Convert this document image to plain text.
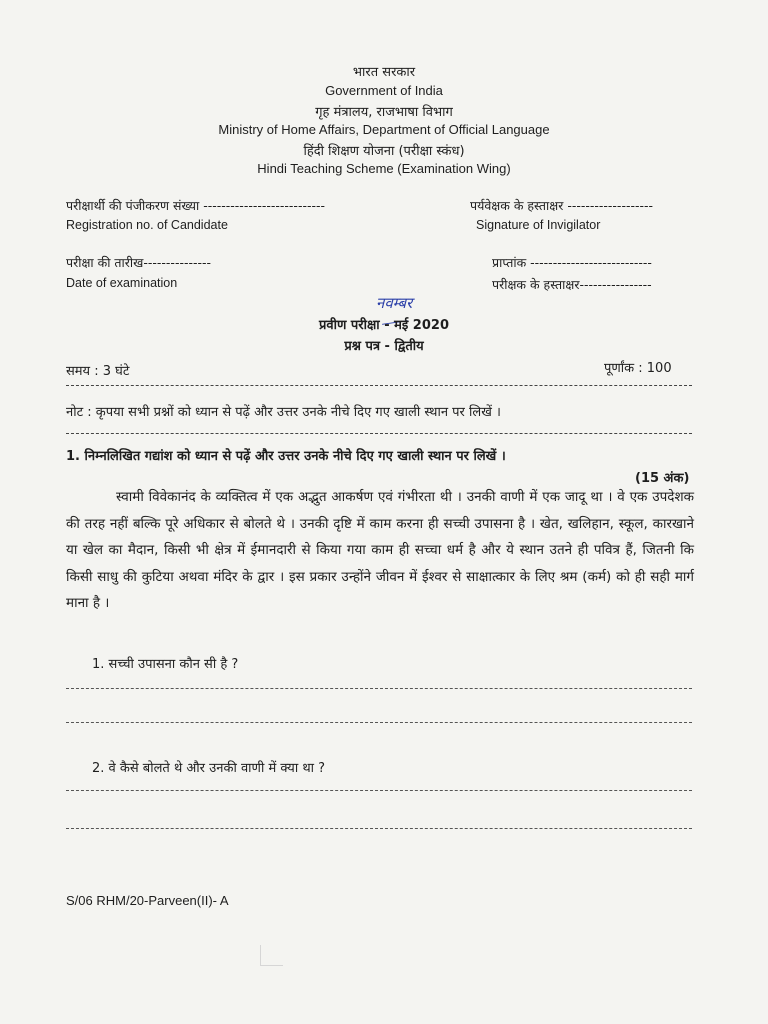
भारत सरकार
Government of India
गृह मंत्रालय, राजभाषा विभाग
Ministry of Home Affairs, Department of Official Language
हिंदी शिक्षण योजना (परीक्षा स्कंध)
Hindi Teaching Scheme (Examination Wing)
परीक्षार्थी की पंजीकरण संख्या ---------------------------
Registration no. of Candidate
पर्यवेक्षक के हस्ताक्षर -------------------
Signature of Invigilator
परीक्षा की तारीख---------------
Date of examination
प्राप्तांक ---------------------------
परीक्षक के हस्ताक्षर----------------
नवम्बर
प्रवीण परीक्षा - मई 2020
प्रश्न पत्र - द्वितीय
समय : 3 घंटे	पूर्णांक : 100
नोट : कृपया सभी प्रश्नों को ध्यान से पढ़ें और उत्तर उनके नीचे दिए गए खाली स्थान पर लिखें ।
1. निम्नलिखित गद्यांश को ध्यान से पढ़ें और उत्तर उनके नीचे दिए गए खाली स्थान पर लिखें ।
(15 अंक)

स्वामी विवेकानंद के व्यक्तित्व में एक अद्भुत आकर्षण एवं गंभीरता थी । उनकी वाणी में एक जादू था । वे एक उपदेशक की तरह नहीं बल्कि पूरे अधिकार से बोलते थे । उनकी दृष्टि में काम करना ही सच्ची उपासना है । खेत, खलिहान, स्कूल, कारखाने या खेल का मैदान, किसी भी क्षेत्र में ईमानदारी से किया गया काम ही सच्चा धर्म है और ये स्थान उतने ही पवित्र हैं, जितनी कि किसी साधु की कुटिया अथवा मंदिर के द्वार । इस प्रकार उन्होंने जीवन में ईश्वर से साक्षात्कार के लिए श्रम (कर्म) को ही सही मार्ग माना है ।

1. सच्ची उपासना कौन सी है ?
2. वे कैसे बोलते थे और उनकी वाणी में क्या था ?
S/06 RHM/20-Parveen(II)- A
